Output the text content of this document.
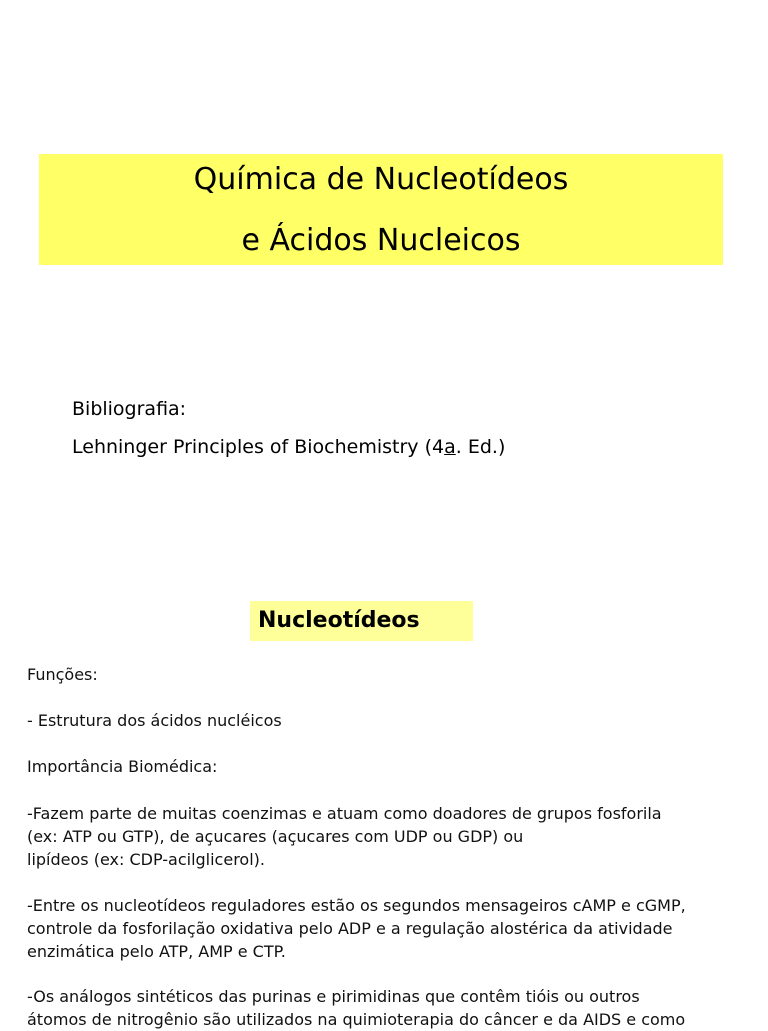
Química de Nucleotídeos
e Ácidos Nucleicos
Bibliografia:
Lehninger Principles of Biochemistry (4a. Ed.)
Nucleotídeos
Funções:
- Estrutura dos ácidos nucléicos
Importância Biomédica:
-Fazem parte de muitas coenzimas e atuam como doadores de grupos fosforila
(ex: ATP ou GTP), de açucares (açucares com UDP ou GDP) ou
lipídeos (ex: CDP-acilglicerol).
-Entre os nucleotídeos reguladores estão os segundos mensageiros cAMP e cGMP,
controle da fosforilação oxidativa pelo ADP e a regulação alostérica da atividade
enzimática pelo ATP, AMP e CTP.
-Os análogos sintéticos das purinas e pirimidinas que contêm tióis ou outros
átomos de nitrogênio são utilizados na quimioterapia do câncer e da AIDS e como
